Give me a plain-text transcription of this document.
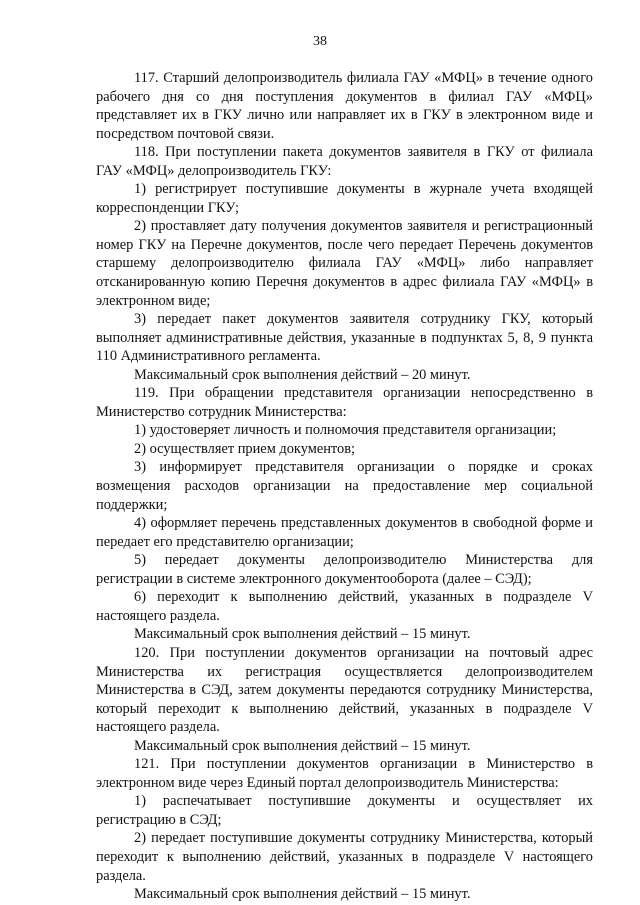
38

117. Старший делопроизводитель филиала ГАУ «МФЦ» в течение одного рабочего дня со дня поступления документов в филиал ГАУ «МФЦ» представляет их в ГКУ лично или направляет их в ГКУ в электронном виде и посредством почтовой связи.

118. При поступлении пакета документов заявителя в ГКУ от филиала ГАУ «МФЦ» делопроизводитель ГКУ:

1) регистрирует поступившие документы в журнале учета входящей корреспонденции ГКУ;

2) проставляет дату получения документов заявителя и регистрационный номер ГКУ на Перечне документов, после чего передает Перечень документов старшему делопроизводителю филиала ГАУ «МФЦ» либо направляет отсканированную копию Перечня документов в адрес филиала ГАУ «МФЦ» в электронном виде;

3) передает пакет документов заявителя сотруднику ГКУ, который выполняет административные действия, указанные в подпунктах 5, 8, 9 пункта 110 Административного регламента.

Максимальный срок выполнения действий – 20 минут.

119. При обращении представителя организации непосредственно в Министерство сотрудник Министерства:

1) удостоверяет личность и полномочия представителя организации;

2) осуществляет прием документов;

3) информирует представителя организации о порядке и сроках возмещения расходов организации на предоставление мер социальной поддержки;

4) оформляет перечень представленных документов в свободной форме и передает его представителю организации;

5) передает документы делопроизводителю Министерства для регистрации в системе электронного документооборота (далее – СЭД);

6) переходит к выполнению действий, указанных в подразделе V настоящего раздела.

Максимальный срок выполнения действий – 15 минут.

120. При поступлении документов организации на почтовый адрес Министерства их регистрация осуществляется делопроизводителем Министерства в СЭД, затем документы передаются сотруднику Министерства, который переходит к выполнению действий, указанных в подразделе V настоящего раздела.

Максимальный срок выполнения действий – 15 минут.

121. При поступлении документов организации в Министерство в электронном виде через Единый портал делопроизводитель Министерства:

1) распечатывает поступившие документы и осуществляет их регистрацию в СЭД;

2) передает поступившие документы сотруднику Министерства, который переходит к выполнению действий, указанных в подразделе V настоящего раздела.

Максимальный срок выполнения действий – 15 минут.
